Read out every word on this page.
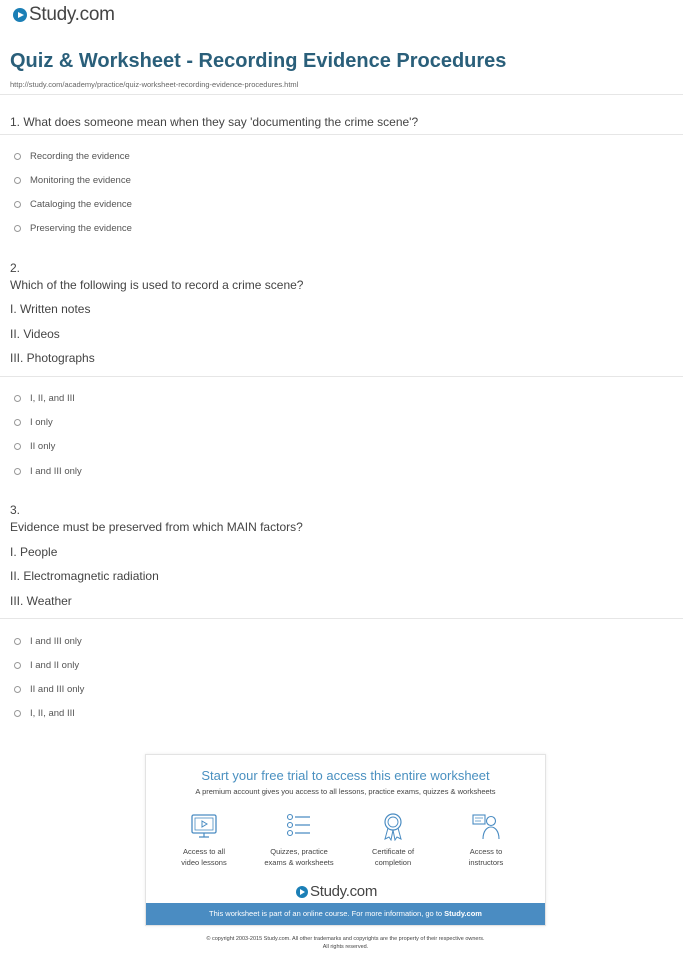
Study.com
Quiz & Worksheet - Recording Evidence Procedures
http://study.com/academy/practice/quiz-worksheet-recording-evidence-procedures.html
1. What does someone mean when they say 'documenting the crime scene'?
Recording the evidence
Monitoring the evidence
Cataloging the evidence
Preserving the evidence
2.
Which of the following is used to record a crime scene?
I. Written notes
II. Videos
III. Photographs
I, II, and III
I only
II only
I and III only
3.
Evidence must be preserved from which MAIN factors?
I. People
II. Electromagnetic radiation
III. Weather
I and III only
I and II only
II and III only
I, II, and III
Start your free trial to access this entire worksheet
A premium account gives you access to all lessons, practice exams, quizzes & worksheets
Access to all
video lessons
Quizzes, practice
exams & worksheets
Certificate of
completion
Access to
instructors
Study.com
This worksheet is part of an online course. For more information, go to Study.com
© copyright 2003-2015 Study.com. All other trademarks and copyrights are the property of their respective owners.
All rights reserved.
